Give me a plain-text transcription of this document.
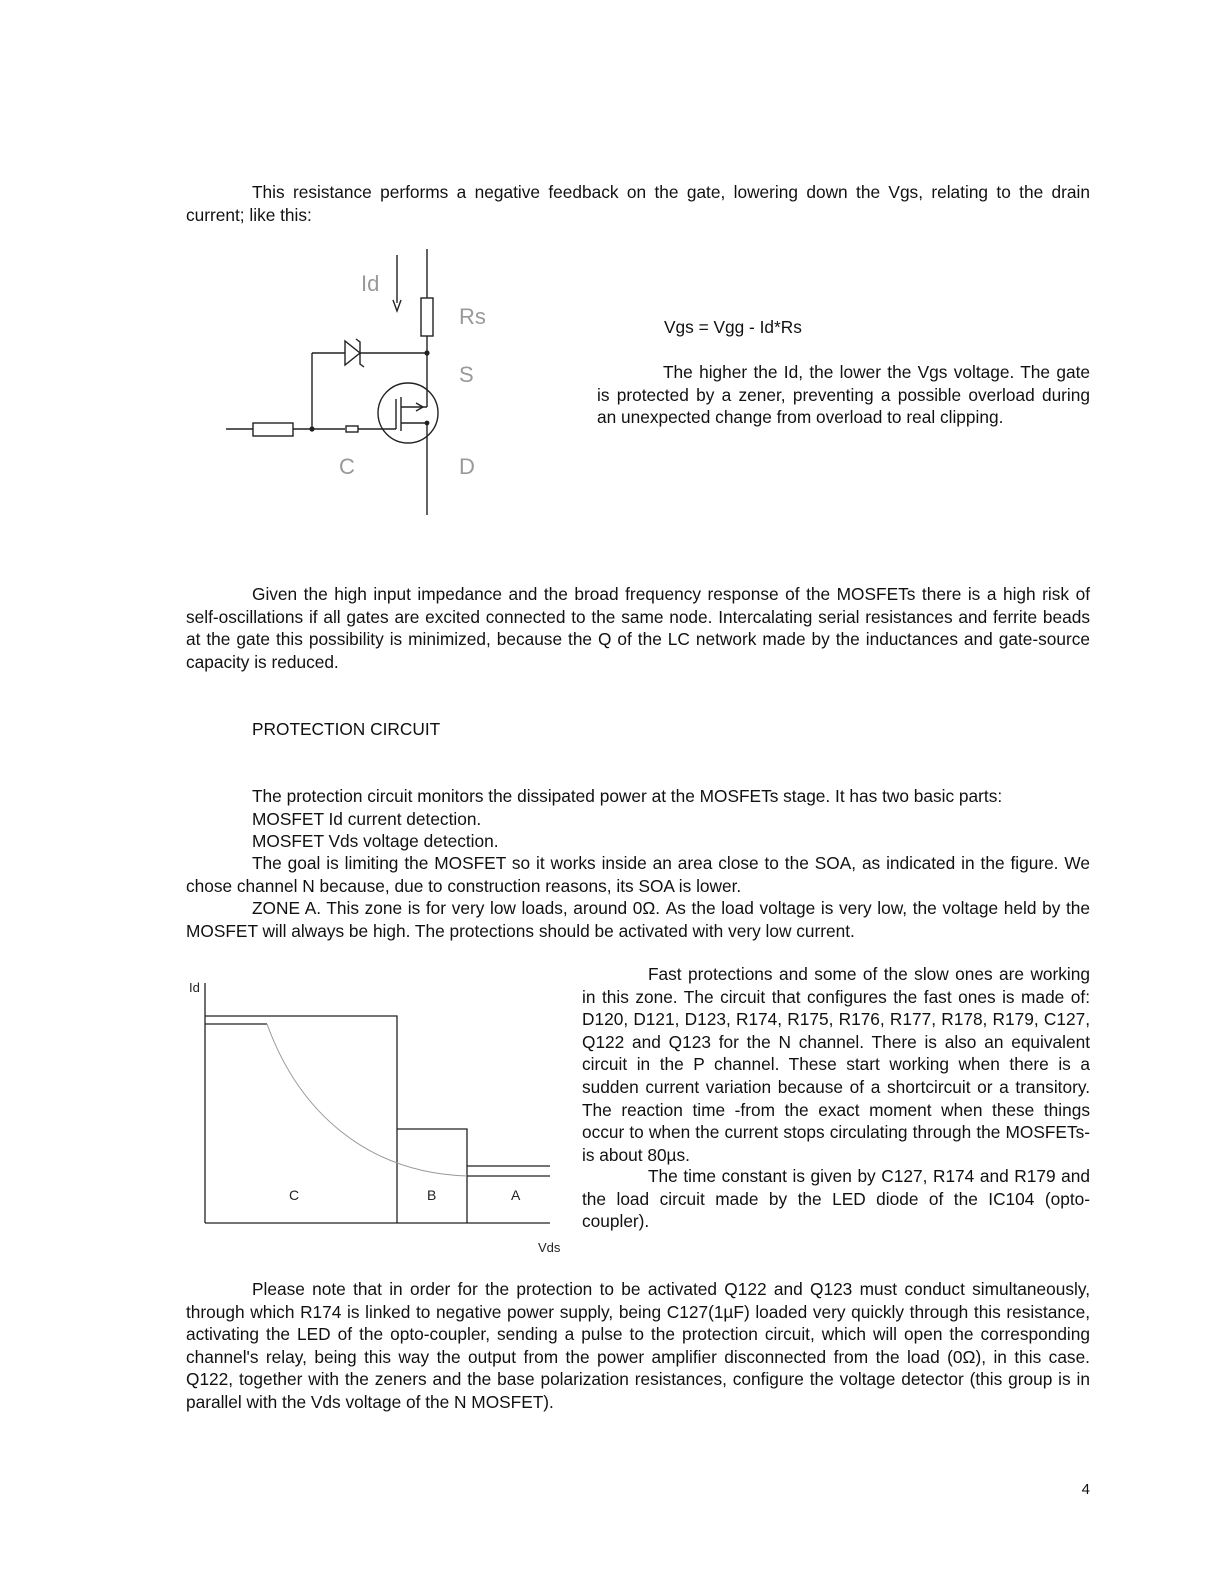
This resistance performs a negative feedback on the gate, lowering down the Vgs, relating to the drain current; like this:

Id
Rs
S
C	D

Vgs = Vgg - Id*Rs

The higher the Id, the lower the Vgs voltage. The gate is protected by a zener, preventing a possible overload during an unexpected change from overload to real clipping.

Given the high input impedance and the broad frequency response of the MOSFETs there is a high risk of self-oscillations if all gates are excited connected to the same node. Intercalating serial resistances and ferrite beads at the gate this possibility is minimized, because the Q of the LC network made by the inductances and gate-source capacity is reduced.

PROTECTION CIRCUIT

The protection circuit monitors the dissipated power at the MOSFETs stage. It has two basic parts:

MOSFET Id current detection.

MOSFET Vds voltage detection.

The goal is limiting the MOSFET so it works inside an area close to the SOA, as indicated in the figure. We chose channel N because, due to construction reasons, its SOA is lower.

ZONE A. This zone is for very low loads, around 0Ω. As the load voltage is very low, the voltage held by the MOSFET will always be high. The protections should be activated with very low current.

Id
Vds
C	B	A

Fast protections and some of the slow ones are working in this zone. The circuit that configures the fast ones is made of: D120, D121, D123, R174, R175, R176, R177, R178, R179, C127, Q122 and Q123 for the N channel. There is also an equivalent circuit in the P channel. These start working when there is a sudden current variation because of a shortcircuit or a transitory. The reaction time -from the exact moment when these things occur to when the current stops circulating through the MOSFETs- is about 80µs.

The time constant is given by C127, R174 and R179 and the load circuit made by the LED diode of the IC104 (opto-coupler).

Please note that in order for the protection to be activated Q122 and Q123 must conduct simultaneously, through which R174 is linked to negative power supply, being C127(1µF) loaded very quickly through this resistance, activating the LED of the opto-coupler, sending a pulse to the protection circuit, which will open the corresponding channel's relay, being this way the output from the power amplifier disconnected from the load (0Ω), in this case. Q122, together with the zeners and the base polarization resistances, configure the voltage detector (this group is in parallel with the Vds voltage of the N MOSFET).

4
